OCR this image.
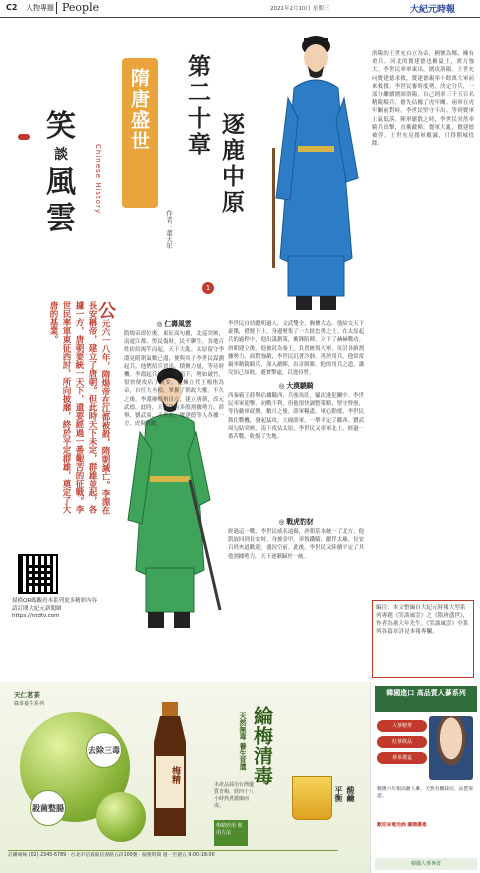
C2 人物專題 People	2021年2月10日 星期三	大紀元時報
笑
談
風
雲
Chinese History
公元六一八年，隋煬帝在江都被殺，隋朝滅亡。李淵在長安稱帝，建立了唐朝。但此時天下未定，群雄並起，各據一方，唐朝要統一天下，還要經過一番艱苦的征戰。李世民率軍東征西討，所向披靡，終於平定群雄，奠定了大唐的基業。
掃描QR碼觀看本系列更多精彩內容 請訂閱大紀元新聞網 https://ntdtv.com
隋唐盛世	第二十章
逐鹿中原
1
作者：董大年
◎ 仁壽風雲
隋煬帝即位後，東征高句麗，北巡突厥，南遊江都，勞民傷財，民不聊生。各地百姓紛紛揭竿而起，天下大亂。太原留守李淵見隋朝氣數已盡，便與其子李世民謀劃起兵。他們招兵買馬，積聚力量，等待時機。李淵起兵後，一路南下，勢如破竹，很快便攻佔了長安。他擁立代王楊侑為帝，自任大丞相，掌握了朝政大權。不久之後，李淵廢楊侑自立，建立唐朝，改元武德。此時，天下仍有多股割據勢力，薛舉、劉武周、王世充、竇建德等人各據一方，虎視眈眈。
李世民自幼聰明過人，文武雙全，胸懷大志。他結交天下豪傑，禮賢下士，身邊聚集了一大批忠勇之士。在太原起兵的過程中，他出謀劃策，衝鋒陷陣，立下了赫赫戰功。唐朝建立後，他被封為秦王，負責統領大軍，征討各路割據勢力。面對強敵，李世民沉著冷靜，善於用兵。他常常親率精銳騎兵，深入敵陣，出奇制勝。他的用兵之道，講究知己知彼，避實擊虛，以逸待勞。
◎ 大漠驍騎
西秦霸王薛舉佔據隴西，兵強馬壯，屢次進犯關中。李世民率軍迎擊，初戰不利，但他很快調整策略，堅守營壘，等待敵軍疲憊。數月之後，薛軍糧盡，軍心動搖，李世民抓住戰機，發起猛攻，大破薛軍，一舉平定了隴西。劉武周勾結突厥，南下攻佔太原，李世民又率軍北上，經過一番苦戰，收復了失地。
◎ 戰虎豹豺
經過這一戰，李世民威名遠揚，唐朝基本統一了北方。他凱旋回到長安時，身披金甲，率領鐵騎，獻俘太廟，長安百姓夾道歡迎，盛況空前。此後，李世民又陸續平定了其他割據勢力，天下逐漸歸於一統。
洛陽的王世充自立為帝，國號為鄭，擁有重兵。河北的竇建德也稱夏王，實力強大。李世民率軍東出，圍攻洛陽。王世充向竇建德求救，竇建德親率十餘萬大軍前來救援。李世民審時度勢，決定分兵，一部分繼續圍困洛陽，自己則率三千五百名精銳騎兵，搶先佔據了虎牢關。兩軍在虎牢關前對峙，李世民堅守不出。等到竇軍士氣低落、陣形鬆散之時，李世民突然率騎兵出擊，直衝敵陣，竇軍大亂，竇建德被俘。王世充見援軍覆滅，只得開城投降。
編注：本文整編自大紀元時報大型系列專題《笑談風雲》之《隋唐盛世》，作者為董大年先生。《笑談風雲》全系列各篇章詳見本報專欄。
天仁茗茶
綠茶養生系列
去除三毒
殺菌整腸
梅精
天然無毒 養生首選 綸梅清毒
本產品採用台灣優質青梅，經四十八小時熬煮濃縮而成。
平衡 酸鹼
梅精妙用 飲用方法
訂購專線 (02) 2345-6789 · 台北市信義區信義路五段100號 · 服務時間 週一至週五 9:00-18:00
韓國進口 高品質人蔘系列
人蔘精華
紅蔘飲品
蔘茶禮盒
精選六年根高麗人蔘，天然有機栽培，品質保證。
歡迎來電洽詢 團購優惠
韓國人蔘專賣
